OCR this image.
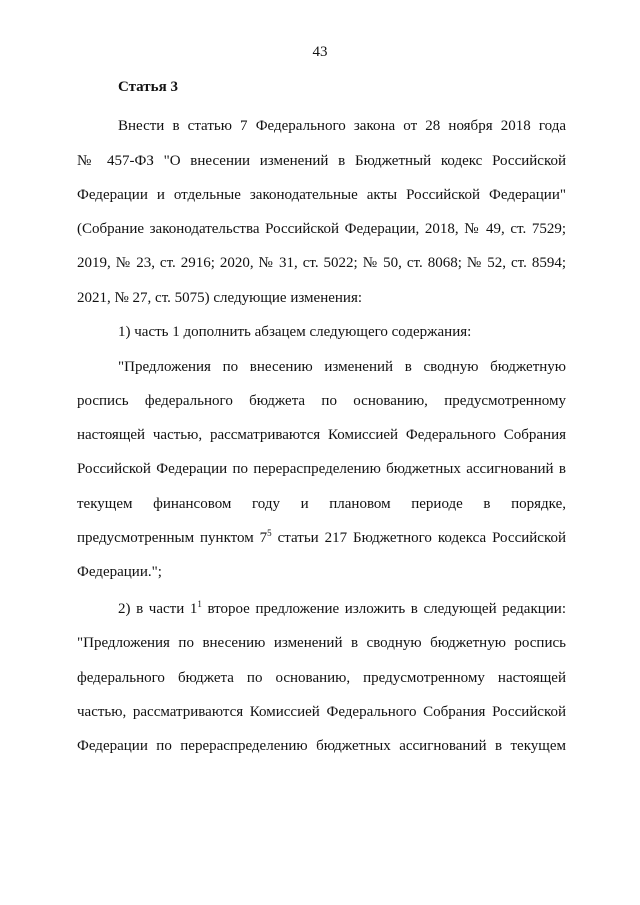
43
Статья 3
Внести в статью 7 Федерального закона от 28 ноября 2018 года
№ 457-ФЗ "О внесении изменений в Бюджетный кодекс Российской
Федерации и отдельные законодательные акты Российской Федерации"
(Собрание законодательства Российской Федерации, 2018, № 49, ст. 7529;
2019, № 23, ст. 2916; 2020, № 31, ст. 5022; № 50, ст. 8068; № 52, ст. 8594;
2021, № 27, ст. 5075) следующие изменения:
1) часть 1 дополнить абзацем следующего содержания:
"Предложения по внесению изменений в сводную бюджетную
роспись федерального бюджета по основанию, предусмотренному
настоящей частью, рассматриваются Комиссией Федерального Собрания
Российской Федерации по перераспределению бюджетных ассигнований в
текущем финансовом году и плановом периоде в порядке,
предусмотренным пунктом $7^5$ статьи 217 Бюджетного кодекса Российской
Федерации.";
2) в части $1^1$ второе предложение изложить в следующей редакции:
"Предложения по внесению изменений в сводную бюджетную роспись
федерального бюджета по основанию, предусмотренному настоящей
частью, рассматриваются Комиссией Федерального Собрания Российской
Федерации по перераспределению бюджетных ассигнований в текущем
